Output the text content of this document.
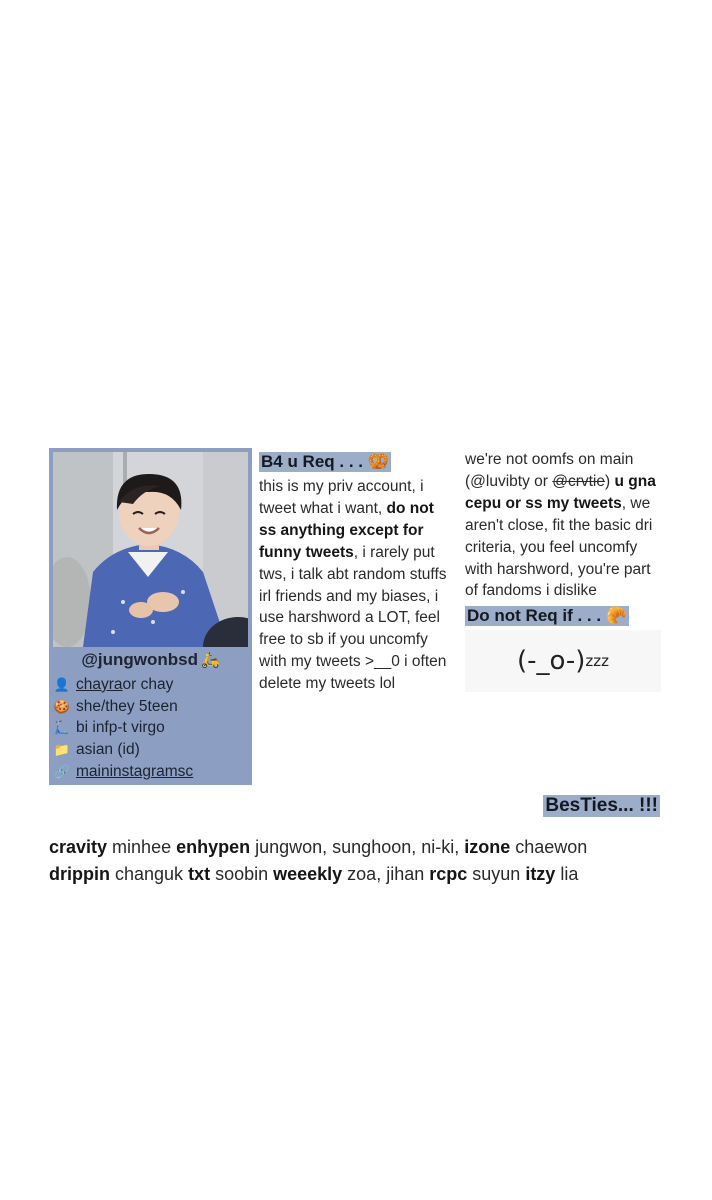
@jungwonbsd 🛵
👤 chayra or chay
🍪 she/they 5teen
🛴 bi infp-t virgo
📁 asian (id)
🔗 main instagram sc
B4 u Req . . . 🥨
this is my priv account, i tweet what i want, do not ss anything except for funny tweets, i rarely put tws, i talk abt random stuffs irl friends and my biases, i use harshword a LOT, feel free to sb if you uncomfy with my tweets >__0 i often delete my tweets lol
we're not oomfs on main (@luvibty or @crvtie) u gna cepu or ss my tweets, we aren't close, fit the basic dri criteria, you feel uncomfy with harshword, you're part of fandoms i dislike
Do not Req if . . . 🥐
(-_o-) zzz
BesTies... !!!
cravity minhee enhypen jungwon, sunghoon, ni-ki, izone chaewon
drippin changuk txt soobin weeekly zoa, jihan rcpc suyun itzy lia
